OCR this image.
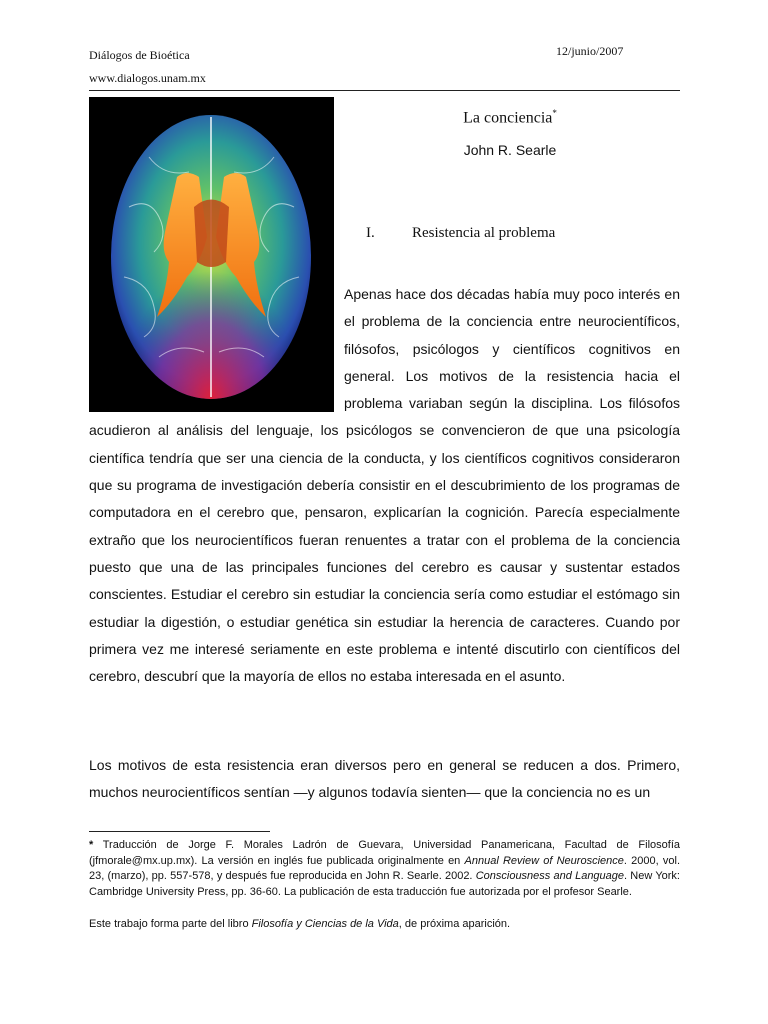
Diálogos de Bioética
www.dialogos.unam.mx
12/junio/2007
La conciencia*
John R. Searle
I. Resistencia al problema
Apenas hace dos décadas había muy poco interés en el problema de la conciencia entre neurocientíficos, filósofos, psicólogos y científicos cognitivos en general. Los motivos de la resistencia hacia el problema variaban según la disciplina. Los filósofos acudieron al análisis del lenguaje, los psicólogos se convencieron de que una psicología científica tendría que ser una ciencia de la conducta, y los científicos cognitivos consideraron que su programa de investigación debería consistir en el descubrimiento de los programas de computadora en el cerebro que, pensaron, explicarían la cognición. Parecía especialmente extraño que los neurocientíficos fueran renuentes a tratar con el problema de la conciencia puesto que una de las principales funciones del cerebro es causar y sustentar estados conscientes. Estudiar el cerebro sin estudiar la conciencia sería como estudiar el estómago sin estudiar la digestión, o estudiar genética sin estudiar la herencia de caracteres. Cuando por primera vez me interesé seriamente en este problema e intenté discutirlo con científicos del cerebro, descubrí que la mayoría de ellos no estaba interesada en el asunto.
Los motivos de esta resistencia eran diversos pero en general se reducen a dos. Primero, muchos neurocientíficos sentían —y algunos todavía sienten— que la conciencia no es un
* Traducción de Jorge F. Morales Ladrón de Guevara, Universidad Panamericana, Facultad de Filosofía (jfmorale@mx.up.mx). La versión en inglés fue publicada originalmente en Annual Review of Neuroscience. 2000, vol. 23, (marzo), pp. 557-578, y después fue reproducida en John R. Searle. 2002. Consciousness and Language. New York: Cambridge University Press, pp. 36-60. La publicación de esta traducción fue autorizada por el profesor Searle.
Este trabajo forma parte del libro Filosofía y Ciencias de la Vida, de próxima aparición.
